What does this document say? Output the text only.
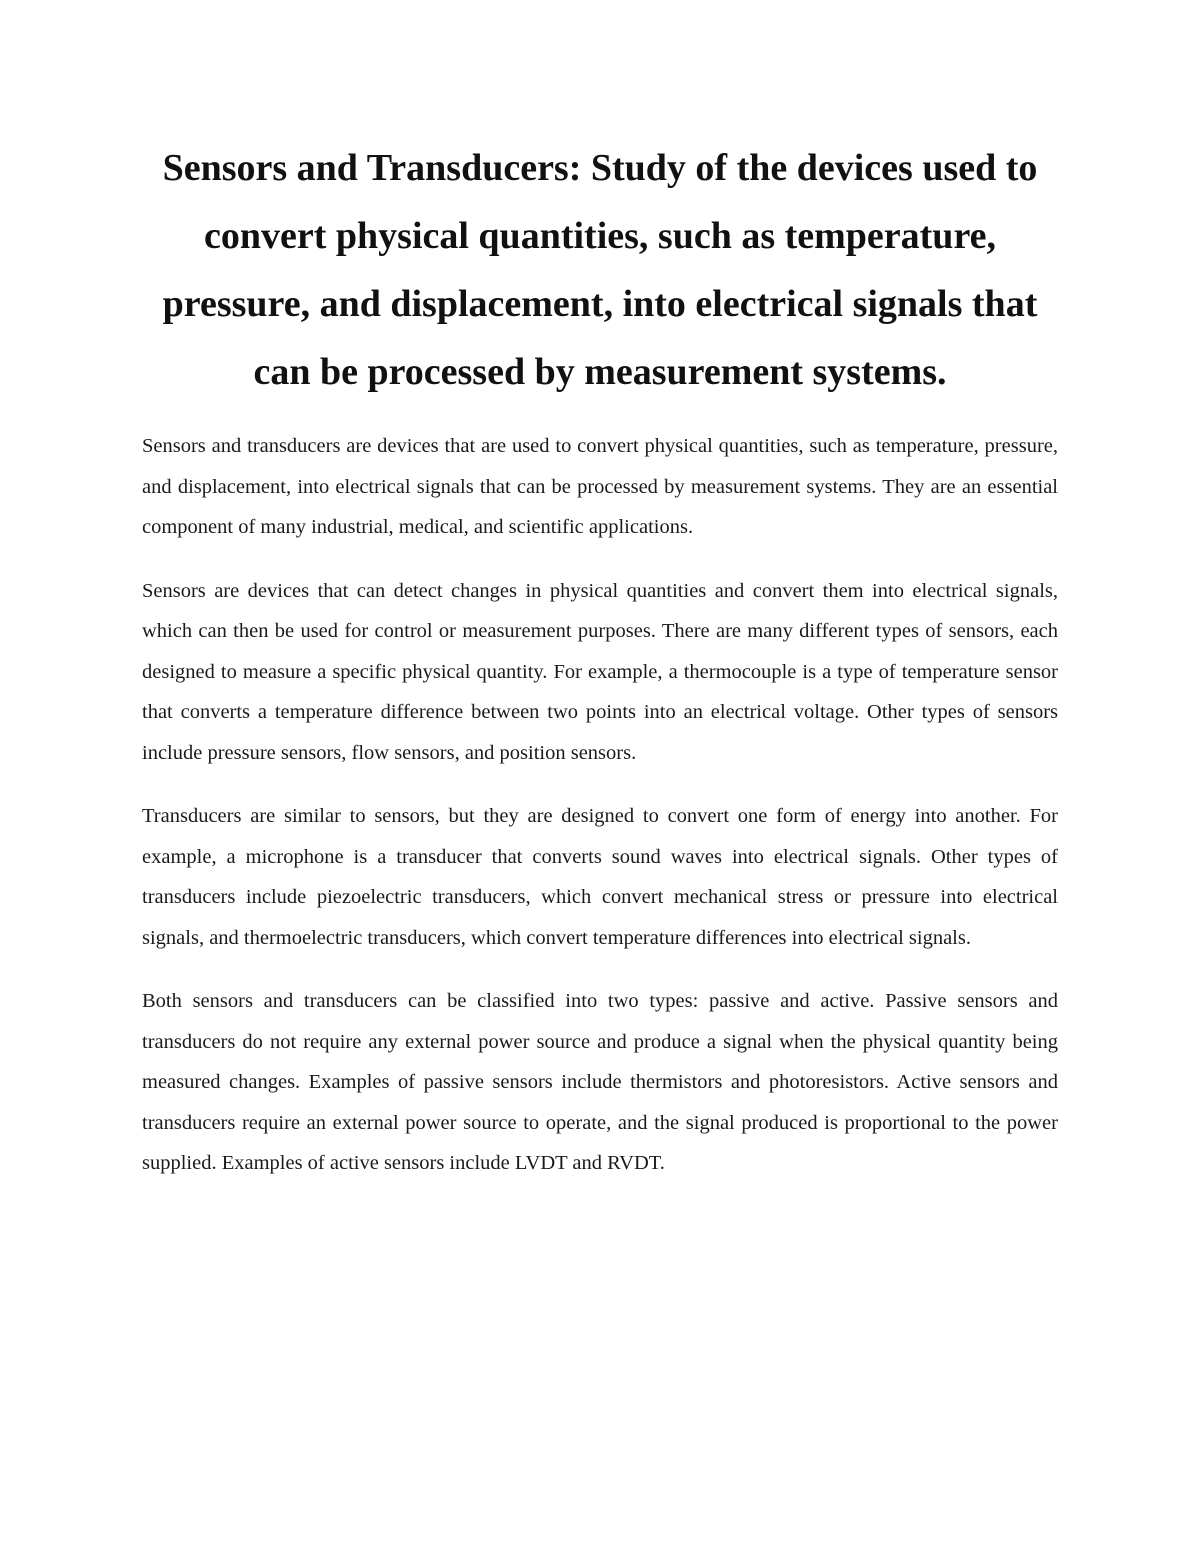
Sensors and Transducers: Study of the devices used to convert physical quantities, such as temperature, pressure, and displacement, into electrical signals that can be processed by measurement systems.

Sensors and transducers are devices that are used to convert physical quantities, such as temperature, pressure, and displacement, into electrical signals that can be processed by measurement systems. They are an essential component of many industrial, medical, and scientific applications.

Sensors are devices that can detect changes in physical quantities and convert them into electrical signals, which can then be used for control or measurement purposes. There are many different types of sensors, each designed to measure a specific physical quantity. For example, a thermocouple is a type of temperature sensor that converts a temperature difference between two points into an electrical voltage. Other types of sensors include pressure sensors, flow sensors, and position sensors.

Transducers are similar to sensors, but they are designed to convert one form of energy into another. For example, a microphone is a transducer that converts sound waves into electrical signals. Other types of transducers include piezoelectric transducers, which convert mechanical stress or pressure into electrical signals, and thermoelectric transducers, which convert temperature differences into electrical signals.

Both sensors and transducers can be classified into two types: passive and active. Passive sensors and transducers do not require any external power source and produce a signal when the physical quantity being measured changes. Examples of passive sensors include thermistors and photoresistors. Active sensors and transducers require an external power source to operate, and the signal produced is proportional to the power supplied. Examples of active sensors include LVDT and RVDT.
